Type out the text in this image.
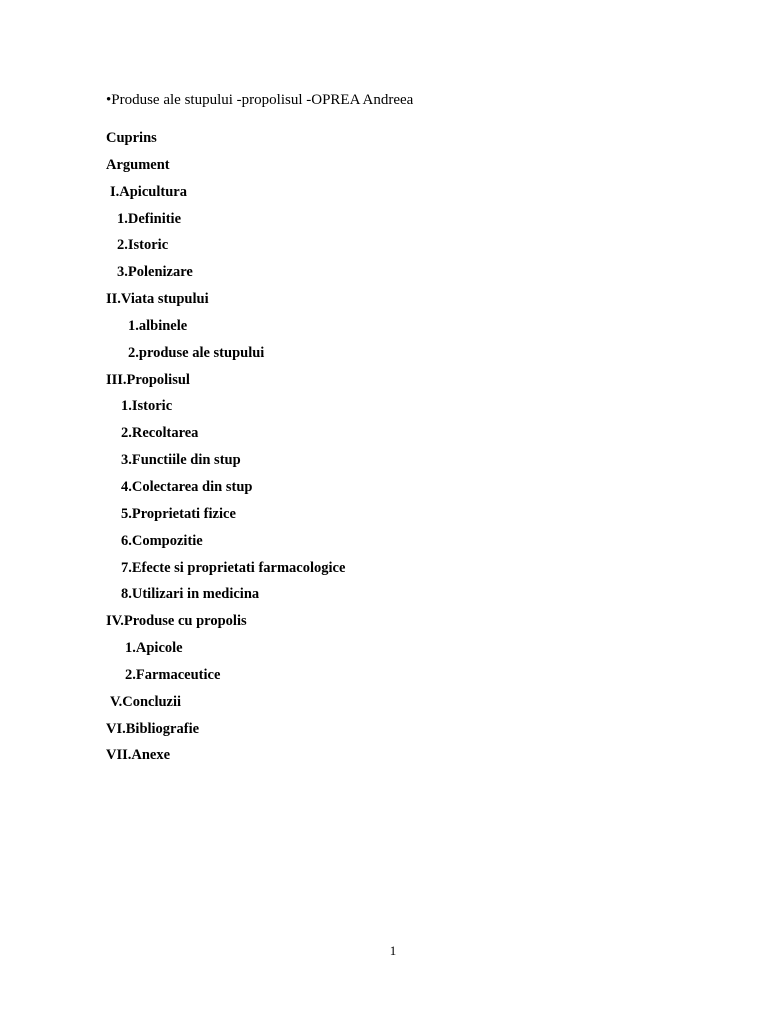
•Produse ale stupului -propolisul -OPREA Andreea
Cuprins
Argument
I.Apicultura
1.Definitie
2.Istoric
3.Polenizare
II.Viata stupului
1.albinele
2.produse ale stupului
III.Propolisul
1.Istoric
2.Recoltarea
3.Functiile din stup
4.Colectarea din stup
5.Proprietati fizice
6.Compozitie
7.Efecte si proprietati farmacologice
8.Utilizari in medicina
IV.Produse cu propolis
1.Apicole
2.Farmaceutice
V.Concluzii
VI.Bibliografie
VII.Anexe
1
